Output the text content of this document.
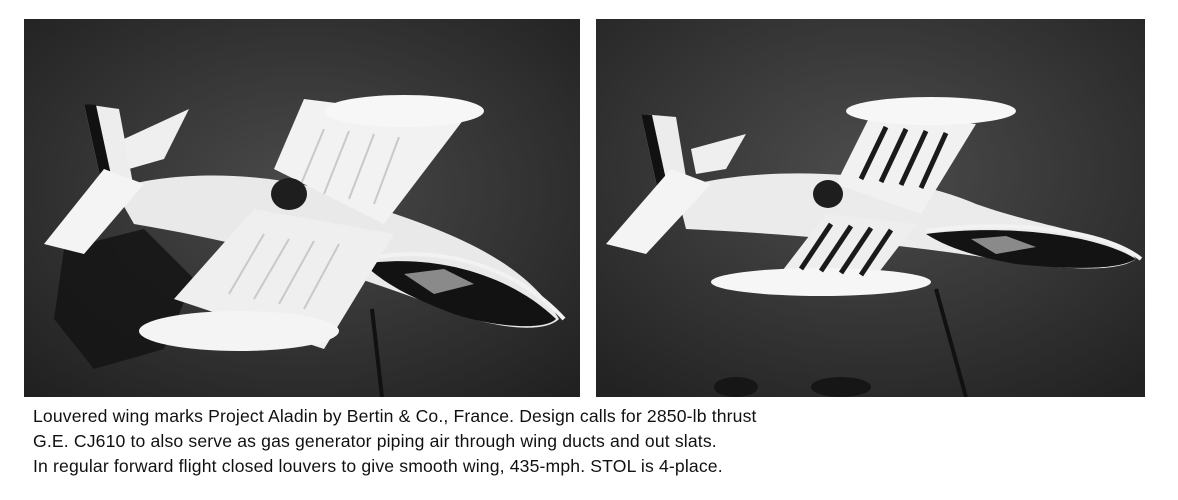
Louvered wing marks Project Aladin by Bertin & Co., France. Design calls for 2850-lb thrust
G.E. CJ610 to also serve as gas generator piping air through wing ducts and out slats.
In regular forward flight closed louvers to give smooth wing, 435-mph. STOL is 4-place.
